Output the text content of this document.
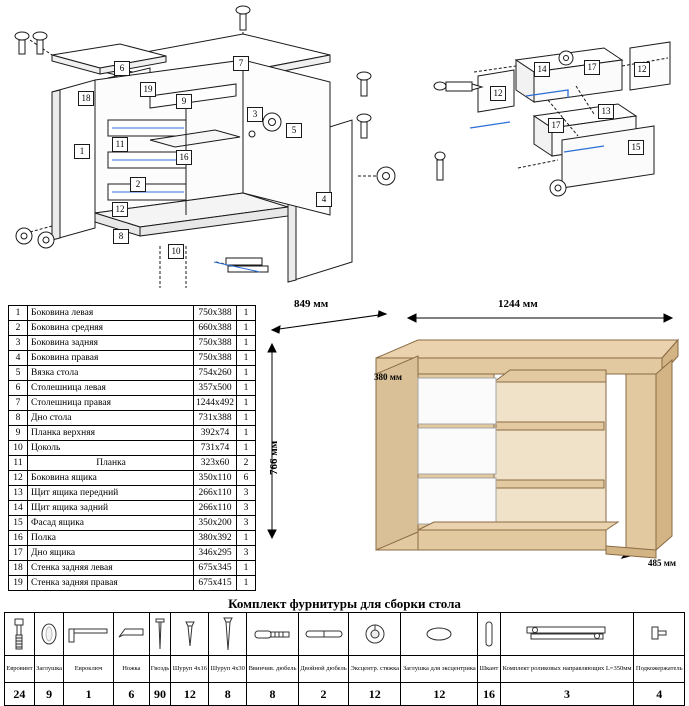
6	7
18
19
9
3
5
1
16
11
2
12
8
10
4
14	17	12
12
13
17
15
1	Боковина левая	750x388	1
2	Боковина средняя	660x388	1
3	Боковина задняя	750x388	1
4	Боковина правая	750x388	1
5	Вязка стола	754x260	1
6	Столешница левая	357x500	1
7	Столешница правая	1244x492	1
8	Дно стола	731x388	1
9	Планка верхняя	392x74	1
10	Цоколь	731x74	1
11	Планка	323x60	2
12	Боковина ящика	350x110	6
13	Щит ящика передний	266х110	3
14	Щит ящика задний	266х110	3
15	Фасад ящика	350x200	3
16	Полка	380x392	1
17	Дно ящика	346x295	3
18	Стенка задняя левая	675x345	1
19	Стенка задняя правая	675x415	1
849 мм	1244 мм
766 мм
380 мм
485 мм
Комплект фурнитуры для сборки стола

Евровинт	Заглушка	Евроключ	Ножка	Гвоздь	Шуруп 4х16	Шуруп 4х30	Ввинчив. дюбель	Двойной дюбель	Эксцентр. стяжка	Заглушка для эксцентрика	Шкант	Комплект роликовых направляющих L=350мм	Подкожержатель
24	9	1	6	90	12	8	8	2	12	12	16	3	4
